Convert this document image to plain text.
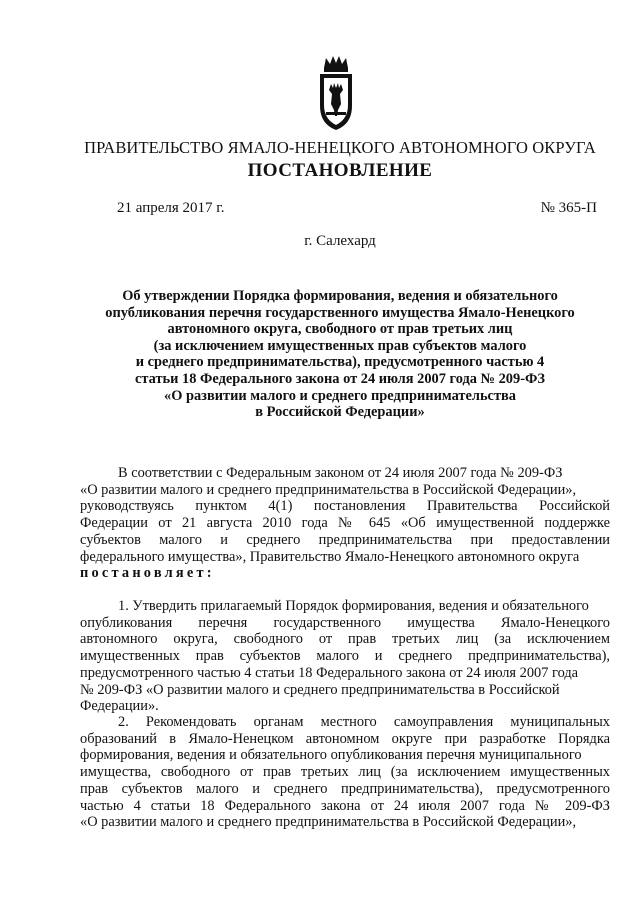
ПРАВИТЕЛЬСТВО ЯМАЛО-НЕНЕЦКОГО АВТОНОМНОГО ОКРУГА
ПОСТАНОВЛЕНИЕ
21 апреля 2017 г.	№ 365-П
г. Салехард
Об утверждении Порядка формирования, ведения и обязательного
опубликования перечня государственного имущества Ямало-Ненецкого
автономного округа, свободного от прав третьих лиц
(за исключением имущественных прав субъектов малого
и среднего предпринимательства), предусмотренного частью 4
статьи 18 Федерального закона от 24 июля 2007 года № 209-ФЗ
«О развитии малого и среднего предпринимательства
в Российской Федерации»
В соответствии с Федеральным законом от 24 июля 2007 года № 209-ФЗ
«О развитии малого и среднего предпринимательства в Российской Федерации»,
руководствуясь пунктом 4(1) постановления Правительства Российской
Федерации от 21 августа 2010 года № 645 «Об имущественной поддержке
субъектов малого и среднего предпринимательства при предоставлении
федерального имущества», Правительство Ямало-Ненецкого автономного округа
постановляет:
1. Утвердить прилагаемый Порядок формирования, ведения и обязательного
опубликования перечня государственного имущества Ямало-Ненецкого
автономного округа, свободного от прав третьих лиц (за исключением
имущественных прав субъектов малого и среднего предпринимательства),
предусмотренного частью 4 статьи 18 Федерального закона от 24 июля 2007 года
№ 209-ФЗ «О развитии малого и среднего предпринимательства в Российской
Федерации».
2. Рекомендовать органам местного самоуправления муниципальных
образований в Ямало-Ненецком автономном округе при разработке Порядка
формирования, ведения и обязательного опубликования перечня муниципального
имущества, свободного от прав третьих лиц (за исключением имущественных
прав субъектов малого и среднего предпринимательства), предусмотренного
частью 4 статьи 18 Федерального закона от 24 июля 2007 года № 209-ФЗ
«О развитии малого и среднего предпринимательства в Российской Федерации»,
